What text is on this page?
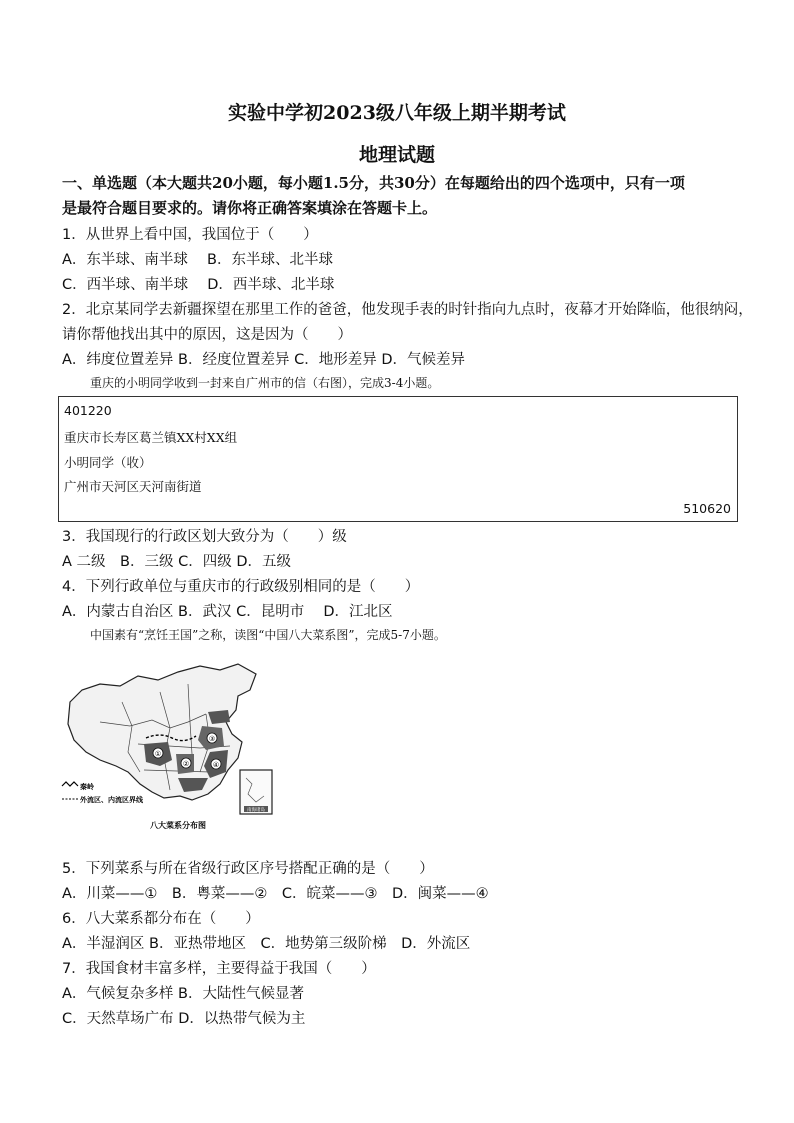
实验中学初2023级八年级上期半期考试
地理试题
一、单选题（本大题共20小题，每小题1.5分，共30分）在每题给出的四个选项中，只有一项
是最符合题目要求的。请你将正确答案填涂在答题卡上。
1．从世界上看中国，我国位于（　　）
A．东半球、南半球　 B．东半球、北半球
C．西半球、南半球　 D．西半球、北半球
2．北京某同学去新疆探望在那里工作的爸爸，他发现手表的时针指向九点时，夜幕才开始降临，他很纳闷，
请你帮他找出其中的原因，这是因为（　　）
A．纬度位置差异 B．经度位置差异 C．地形差异 D．气候差异
重庆的小明同学收到一封来自广州市的信（右图），完成3-4小题。
401220
重庆市长寿区葛兰镇XX村XX组
小明同学（收）
广州市天河区天河南街道
510620
3．我国现行的行政区划大致分为（　　）级
A 二级　B．三级 C．四级 D．五级
4．下列行政单位与重庆市的行政级别相同的是（　　）
A．内蒙古自治区 B．武汉 C．昆明市　 D．江北区
中国素有“烹饪王国”之称，读图“中国八大菜系图”，完成5-7小题。
①
②
③
④
南海诸岛
秦岭
外流区、内流区界线
八大菜系分布图
5．下列菜系与所在省级行政区序号搭配正确的是（　　）
A．川菜——①　B．粤菜——②　C．皖菜——③　D．闽菜——④
6．八大菜系都分布在（　　）
A．半湿润区 B．亚热带地区　C．地势第三级阶梯　D．外流区
7．我国食材丰富多样，主要得益于我国（　　）
A．气候复杂多样 B．大陆性气候显著
C．天然草场广布 D．以热带气候为主
